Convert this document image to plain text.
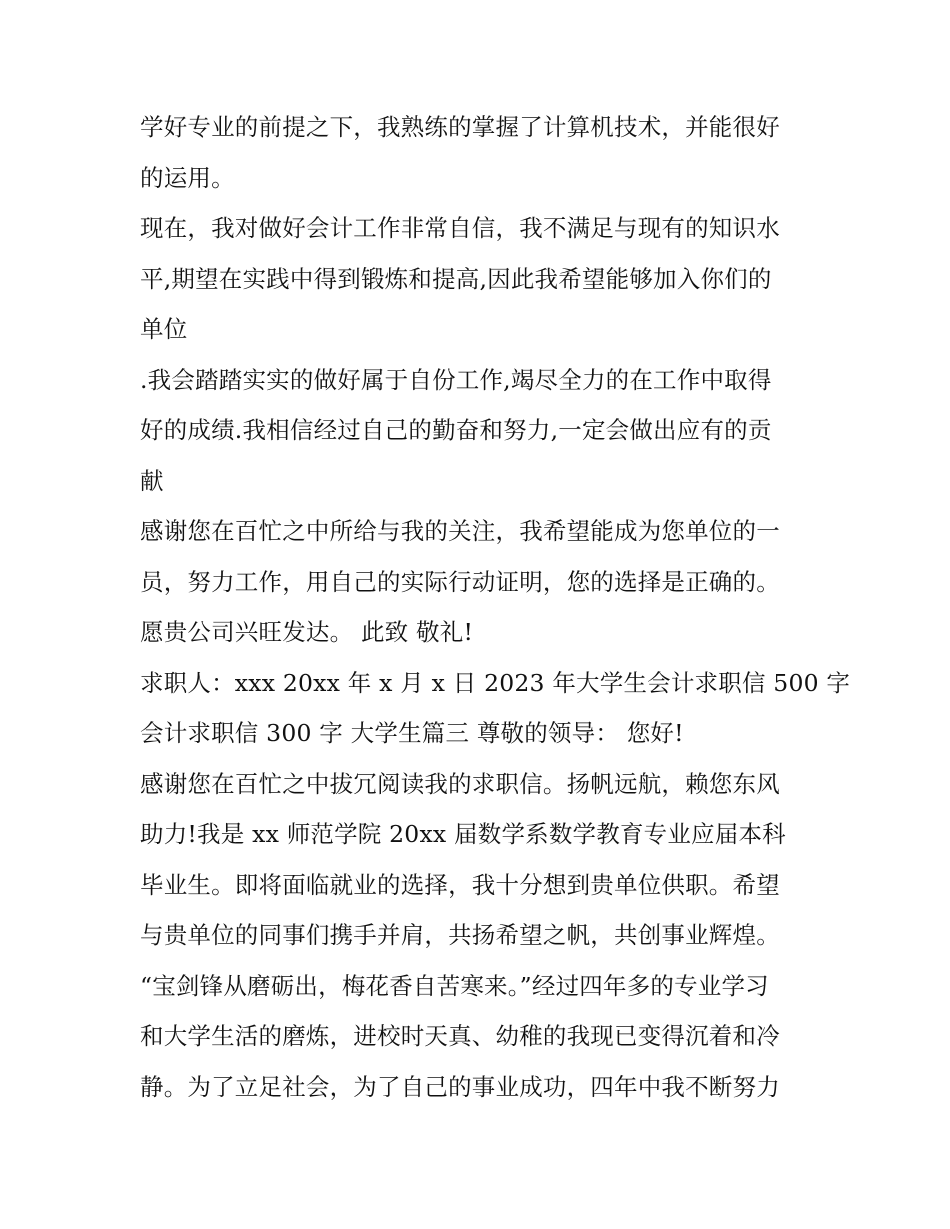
学好专业的前提之下，我熟练的掌握了计算机技术，并能很好
的运用。
现在，我对做好会计工作非常自信，我不满足与现有的知识水
平,期望在实践中得到锻炼和提高,因此我希望能够加入你们的
单位
.我会踏踏实实的做好属于自份工作,竭尽全力的在工作中取得
好的成绩.我相信经过自己的勤奋和努力,一定会做出应有的贡
献
感谢您在百忙之中所给与我的关注，我希望能成为您单位的一
员，努力工作，用自己的实际行动证明，您的选择是正确的。
愿贵公司兴旺发达。 此致 敬礼!
求职人：xxx 20xx 年 x 月 x 日 2023 年大学生会计求职信 500 字
会计求职信 300 字 大学生篇三 尊敬的领导： 您好!
感谢您在百忙之中拔冗阅读我的求职信。扬帆远航，赖您东风
助力!我是 xx 师范学院 20xx 届数学系数学教育专业应届本科
毕业生。即将面临就业的选择，我十分想到贵单位供职。希望
与贵单位的同事们携手并肩，共扬希望之帆，共创事业辉煌。
“宝剑锋从磨砺出，梅花香自苦寒来。”经过四年多的专业学习
和大学生活的磨炼，进校时天真、幼稚的我现已变得沉着和冷
静。为了立足社会，为了自己的事业成功，四年中我不断努力
